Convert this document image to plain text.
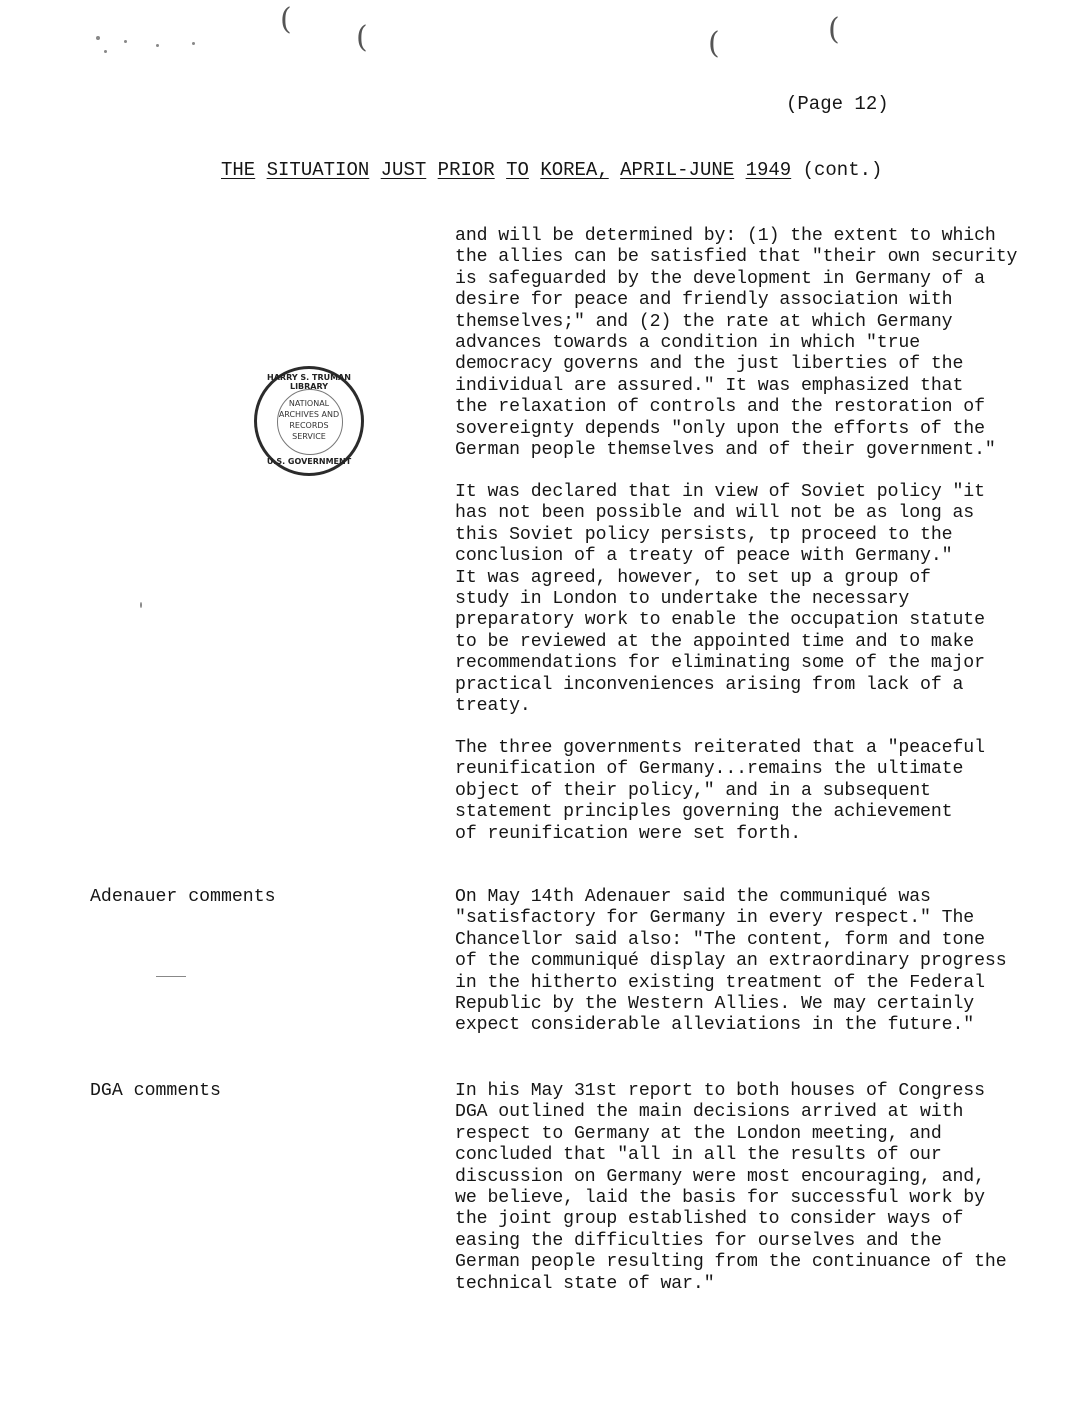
(
(	(	(
(Page 12)
THE SITUATION JUST PRIOR TO KOREA, APRIL-JUNE 1949 (cont.)
HARRY S. TRUMAN LIBRARY
NATIONAL
ARCHIVES AND
RECORDS
SERVICE
U.S. GOVERNMENT
and will be determined by: (1) the extent to which
the allies can be satisfied that "their own security
is safeguarded by the development in Germany of a
desire for peace and friendly association with
themselves;" and (2) the rate at which Germany
advances towards a condition in which "true
democracy governs and the just liberties of the
individual are assured." It was emphasized that
the relaxation of controls and the restoration of
sovereignty depends "only upon the efforts of the
German people themselves and of their government."
It was declared that in view of Soviet policy "it
has not been possible and will not be as long as
this Soviet policy persists, tp proceed to the
conclusion of a treaty of peace with Germany."
It was agreed, however, to set up a group of
study in London to undertake the necessary
preparatory work to enable the occupation statute
to be reviewed at the appointed time and to make
recommendations for eliminating some of the major
practical inconveniences arising from lack of a
treaty.
The three governments reiterated that a "peaceful
reunification of Germany...remains the ultimate
object of their policy," and in a subsequent
statement principles governing the achievement
of reunification were set forth.
Adenauer comments	On May 14th Adenauer said the communiqué was
"satisfactory for Germany in every respect." The
Chancellor said also: "The content, form and tone
of the communiqué display an extraordinary progress
in the hitherto existing treatment of the Federal
Republic by the Western Allies. We may certainly
expect considerable alleviations in the future."
DGA comments	In his May 31st report to both houses of Congress
DGA outlined the main decisions arrived at with
respect to Germany at the London meeting, and
concluded that "all in all the results of our
discussion on Germany were most encouraging, and,
we believe, laid the basis for successful work by
the joint group established to consider ways of
easing the difficulties for ourselves and the
German people resulting from the continuance of the
technical state of war."
